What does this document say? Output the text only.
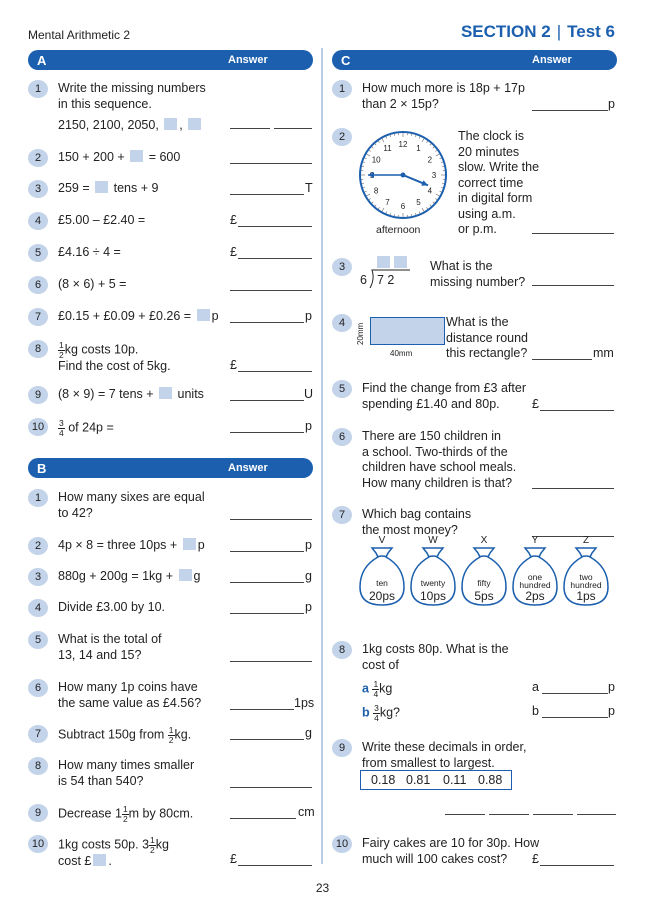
Mental Arithmetic 2	SECTION 2 | Test 6
A	Answer
1	Write the missing numbers
in this sequence.
2150, 2100, 2050, ,
2	150 + 200 + = 600
3	259 = tens + 9	T
4	£5.00 – £2.40 =	£
5	£4.16 ÷ 4 =	£
6	(8 × 6) + 5 =
7	£0.15 + £0.09 + £0.26 = p	p
8	$\frac{1}{2}$ kg costs 10p.
Find the cost of 5kg.	£
9	(8 × 9) = 7 tens + units	U
10	$\frac{3}{4}$ of 24p =	p
B	Answer
1	How many sixes are equal
to 42?
2	4p × 8 = three 10ps + p	p
3	880g + 200g = 1kg + g	g
4	Divide £3.00 by 10.	p
5	What is the total of
13, 14 and 15?
6	How many 1p coins have
the same value as £4.56?	1ps
7	Subtract 150g from $\frac{1}{2}$ kg.	g
8	How many times smaller
is 54 than 540?
9	Decrease $1 \frac{1}{2}$ m by 80cm.	cm
10	1kg costs 50p. $3 \frac{1}{2}$ kg
cost £ .	£
C	Answer
1	How much more is 18p + 17p
than 2 × 15p?	p
2
12 1
2
3
4
5
6
7
8
10
11
afternoon
The clock is
20 minutes
slow. Write the
correct time
in digital form
using a.m.
or p.m.
3
6 7 2
What is the
missing number?
4	20mm
40mm
What is the
distance round
this rectangle?	mm
5	Find the change from £3 after
spending £1.40 and 80p.	£
6	There are 150 children in
a school. Two-thirds of the
children have school meals.
How many children is that?
7	Which bag contains
the most money?
V
ten
20ps
W
twenty
10ps
X
fifty
5ps
Y
one
hundred
2ps
Z
two
hundred
1ps
8	1kg costs 80p. What is the
cost of
a $\frac{1}{4}$ kg	a	p
b $\frac{3}{4}$ kg?	b	p
9	Write these decimals in order,
from smallest to largest.
0.18 0.81 0.11 0.88
10	Fairy cakes are 10 for 30p. How
much will 100 cakes cost?	£
23
